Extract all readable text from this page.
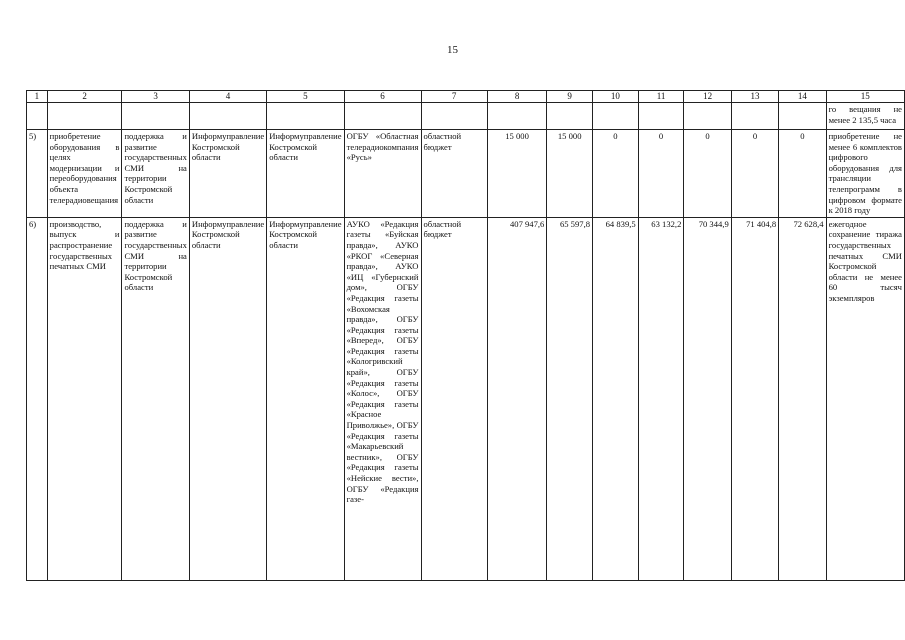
15
1	2	3	4	5	6	7	8	9	10	11	12	13	14	15
														го вещания не менее 2 135,5 часа
5)	приобретение оборудования в целях модернизации и переоборудования объекта телерадиовещания	поддержка и развитие государственных СМИ на территории Костромской области	Информуправление Костромской области	Информуправление Костромской области	ОГБУ «Областная телерадиокомпания «Русь»	областной бюджет	15 000	15 000	0	0	0	0	0	приобретение не менее 6 комплектов цифрового оборудования для трансляции телепрограмм в цифровом формате к 2018 году
6)	производство, выпуск и распространение государственных печатных СМИ	поддержка и развитие государственных СМИ на территории Костромской области	Информуправление Костромской области	Информуправление Костромской области	АУКО «Редакция газеты «Буйская правда», АУКО «РКОГ «Северная правда», АУКО «ИЦ «Губернский дом», ОГБУ «Редакция газеты «Вохомская правда», ОГБУ «Редакция газеты «Вперед», ОГБУ «Редакция газеты «Кологривский край», ОГБУ «Редакция газеты «Колос», ОГБУ «Редакция газеты «Красное Приволжье», ОГБУ «Редакция газеты «Макарьевский вестник», ОГБУ «Редакция газеты «Нейские вести», ОГБУ «Редакция газе-	областной бюджет	407 947,6	65 597,8	64 839,5	63 132,2	70 344,9	71 404,8	72 628,4	ежегодное сохранение тиража государственных печатных СМИ Костромской области не менее 60 тысяч экземпляров
